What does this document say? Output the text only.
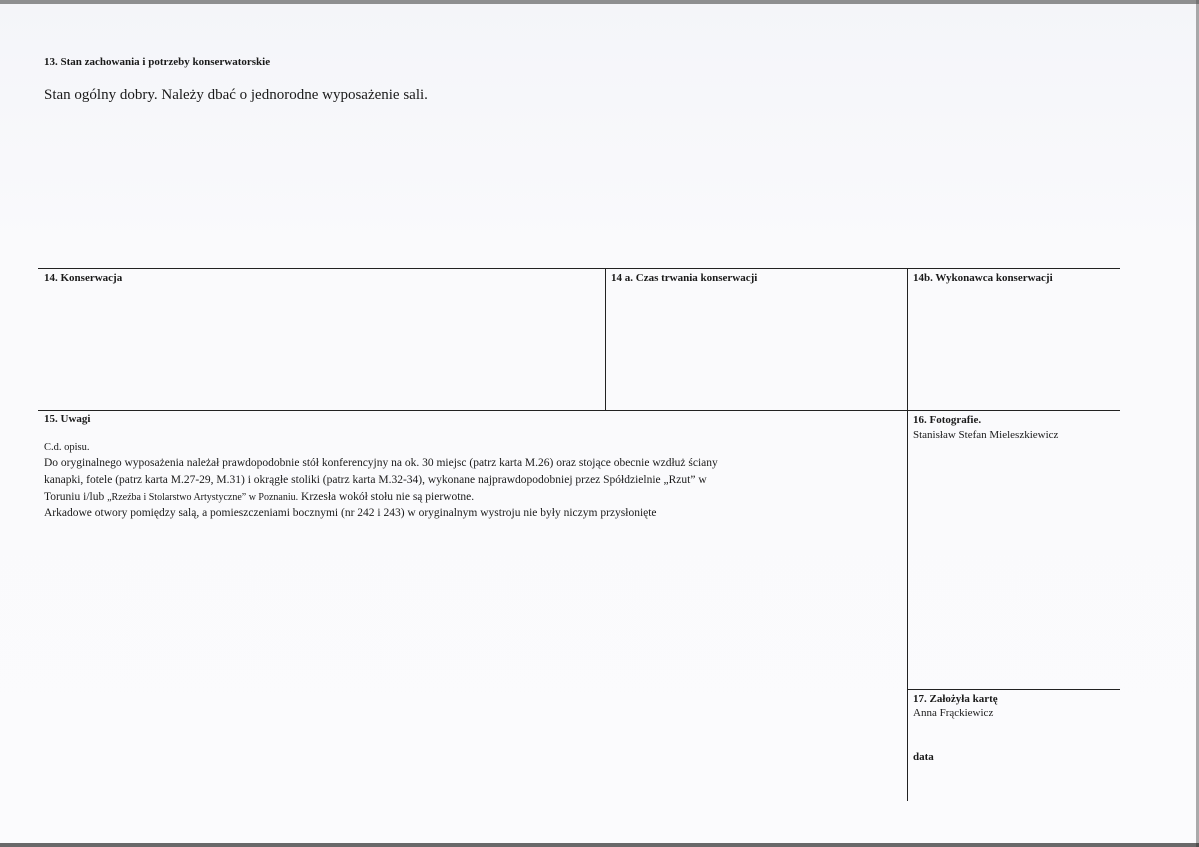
13. Stan zachowania i potrzeby konserwatorskie
Stan ogólny dobry. Należy dbać o jednorodne wyposażenie sali.
14. Konserwacja	14 a. Czas trwania konserwacji	14b. Wykonawca konserwacji
15. Uwagi
C.d. opisu.
Do oryginalnego wyposażenia należał prawdopodobnie stół konferencyjny na ok. 30 miejsc (patrz karta M.26) oraz stojące obecnie wzdłuż ściany
kanapki, fotele (patrz karta M.27-29, M.31) i okrągłe stoliki (patrz karta M.32-34), wykonane najprawdopodobniej przez Spółdzielnie „Rzut” w
Toruniu i/lub „Rzeźba i Stolarstwo Artystyczne” w Poznaniu. Krzesła wokół stołu nie są pierwotne.
Arkadowe otwory pomiędzy salą, a pomieszczeniami bocznymi (nr 242 i 243) w oryginalnym wystroju nie były niczym przysłonięte
16. Fotografie.
Stanisław Stefan Mieleszkiewicz
17. Założyła kartę
Anna Frąckiewicz
data
